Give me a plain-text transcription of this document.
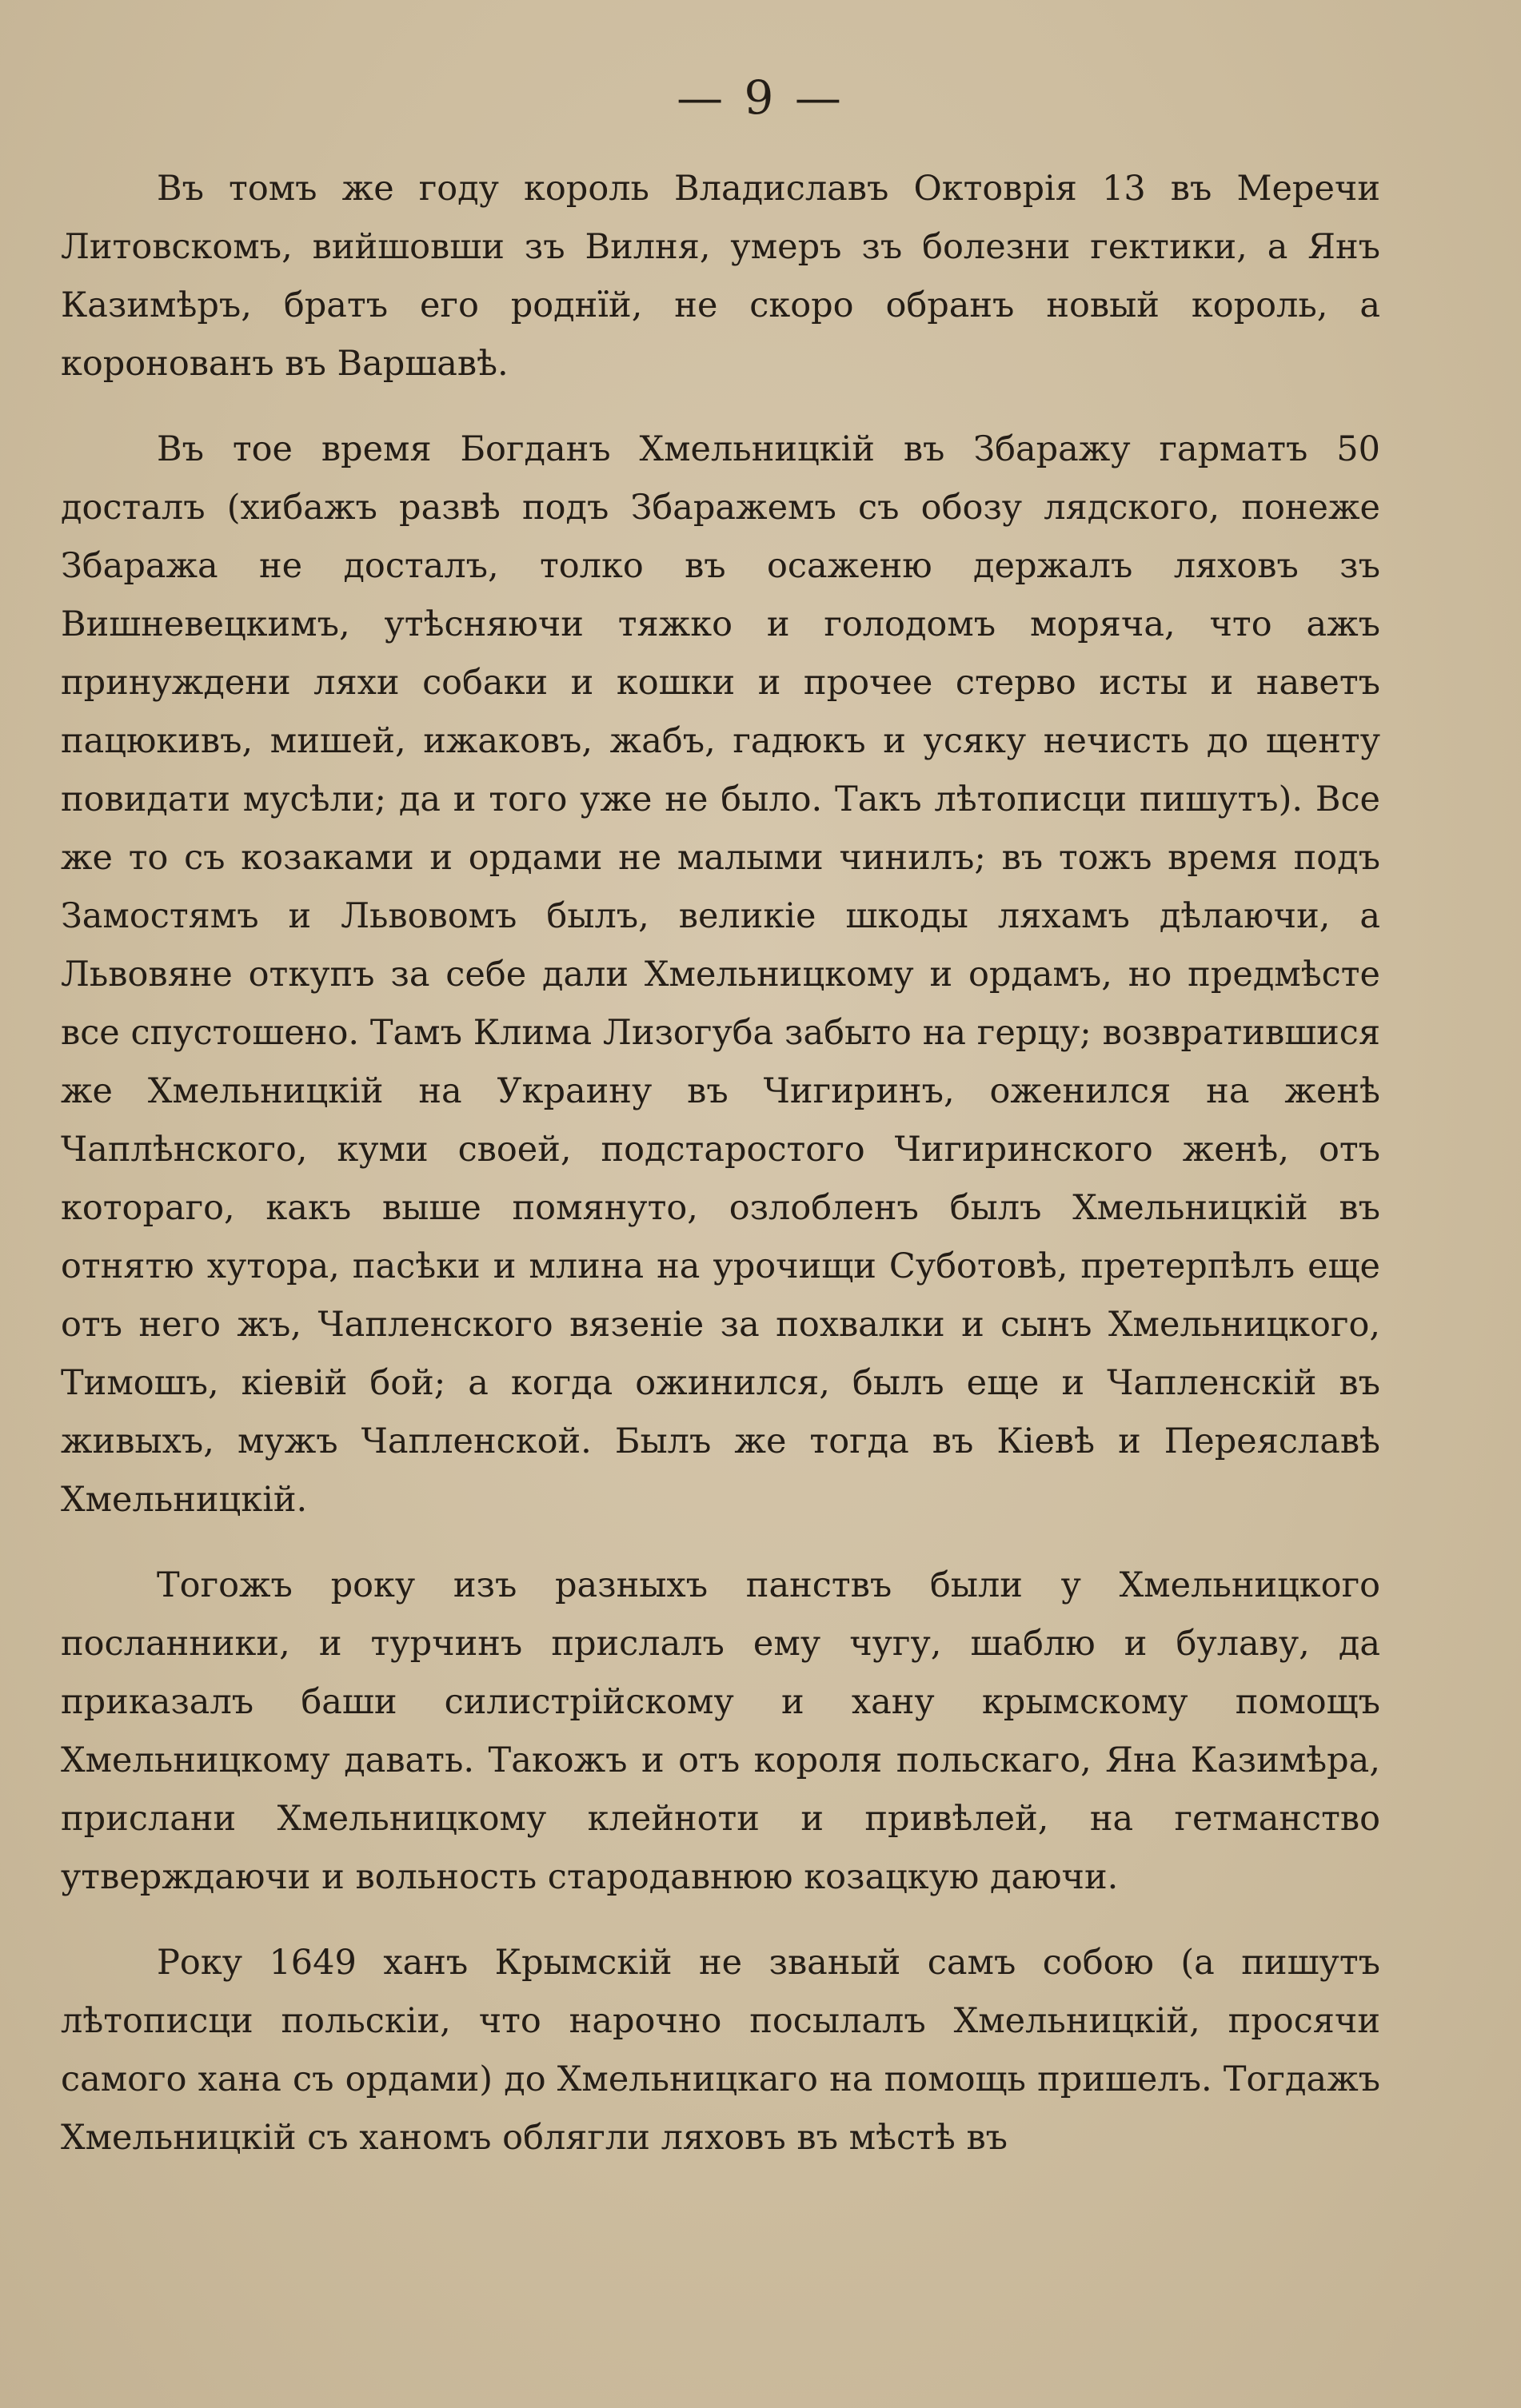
— 9 —

Въ томъ же году король Владиславъ Октоврія 13 въ Меречи Литовскомъ, вийшовши зъ Вилня, умеръ зъ болезни гектики, а Янъ Казимѣръ, братъ его роднїй, не скоро обранъ новый король, а коронованъ въ Варшавѣ.

Въ тое время Богданъ Хмельницкій въ Збаражу гарматъ 50 досталъ (хибажъ развѣ подъ Збаражемъ съ обозу лядского, понеже Збаража не досталъ, толко въ осаженю держалъ ляховъ зъ Вишневецкимъ, утѣсняючи тяжко и голодомъ моряча, что ажъ принуждени ляхи собаки и кошки и прочее стерво исты и наветъ пацюкивъ, мишей, ижаковъ, жабъ, гадюкъ и усяку нечисть до щенту повидати мусѣли; да и того уже не было. Такъ лѣтописци пишутъ). Все же то съ козаками и ордами не малыми чинилъ; въ тожъ время подъ Замостямъ и Львовомъ былъ, великіе шкоды ляхамъ дѣлаючи, а Львовяне откупъ за себе дали Хмельницкому и ордамъ, но предмѣсте все спустошено. Тамъ Клима Лизогуба забыто на герцу; возвратившися же Хмельницкій на Украину въ Чигиринъ, оженился на женѣ Чаплѣнского, куми своей, подстаростого Чигиринского женѣ, отъ котораго, какъ выше помянуто, озлобленъ былъ Хмельницкій въ отнятю хутора, пасѣки и млина на урочищи Суботовѣ, претерпѣлъ еще отъ него жъ, Чапленского вязеніе за похвалки и сынъ Хмельницкого, Тимошъ, кіевій бой; а когда ожинился, былъ еще и Чапленскій въ живыхъ, мужъ Чапленской. Былъ же тогда въ Кіевѣ и Переяславѣ Хмельницкій.

Тогожъ року изъ разныхъ панствъ были у Хмельницкого посланники, и турчинъ прислалъ ему чугу, шаблю и булаву, да приказалъ баши силистрійскому и хану крымскому помощъ Хмельницкому давать. Такожъ и отъ короля польскаго, Яна Казимѣра, прислани Хмельницкому клейноти и привѣлей, на гетманство утверждаючи и вольность стародавнюю козацкую даючи.

Року 1649 ханъ Крымскій не званый самъ собою (а пишутъ лѣтописци польскіи, что нарочно посылалъ Хмельницкій, просячи самого хана съ ордами) до Хмельницкаго на помощь пришелъ. Тогдажъ Хмельницкій съ ханомъ облягли ляховъ въ мѣстѣ въ
